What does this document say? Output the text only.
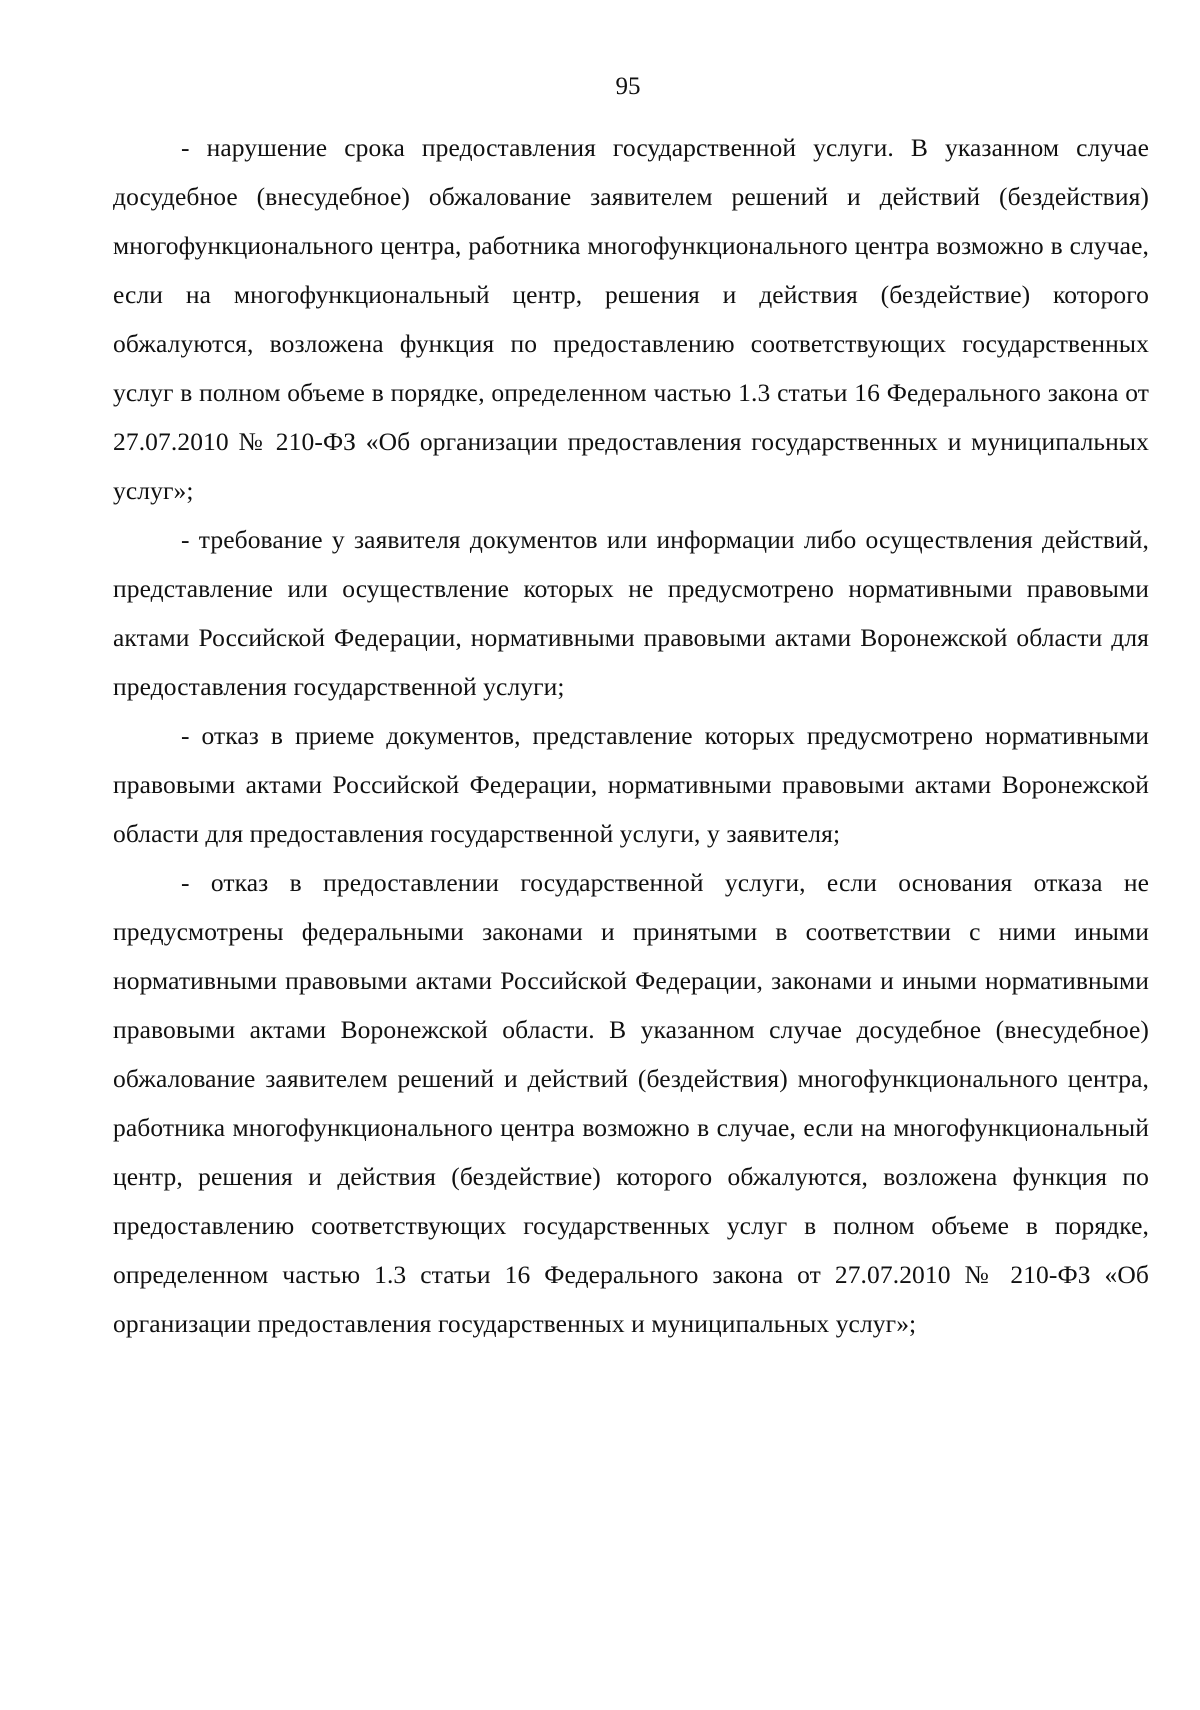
95

- нарушение срока предоставления государственной услуги. В указанном случае досудебное (внесудебное) обжалование заявителем решений и действий (бездействия) многофункционального центра, работника многофункционального центра возможно в случае, если на многофункциональный центр, решения и действия (бездействие) которого обжалуются, возложена функция по предоставлению соответствующих государственных услуг в полном объеме в порядке, определенном частью 1.3 статьи 16 Федерального закона от 27.07.2010 № 210-ФЗ «Об организации предоставления государственных и муниципальных услуг»;

- требование у заявителя документов или информации либо осуществления действий, представление или осуществление которых не предусмотрено нормативными правовыми актами Российской Федерации, нормативными правовыми актами Воронежской области для предоставления государственной услуги;

- отказ в приеме документов, представление которых предусмотрено нормативными правовыми актами Российской Федерации, нормативными правовыми актами Воронежской области для предоставления государственной услуги, у заявителя;

- отказ в предоставлении государственной услуги, если основания отказа не предусмотрены федеральными законами и принятыми в соответствии с ними иными нормативными правовыми актами Российской Федерации, законами и иными нормативными правовыми актами Воронежской области. В указанном случае досудебное (внесудебное) обжалование заявителем решений и действий (бездействия) многофункционального центра, работника многофункционального центра возможно в случае, если на многофункциональный центр, решения и действия (бездействие) которого обжалуются, возложена функция по предоставлению соответствующих государственных услуг в полном объеме в порядке, определенном частью 1.3 статьи 16 Федерального закона от 27.07.2010 № 210-ФЗ «Об организации предоставления государственных и муниципальных услуг»;
